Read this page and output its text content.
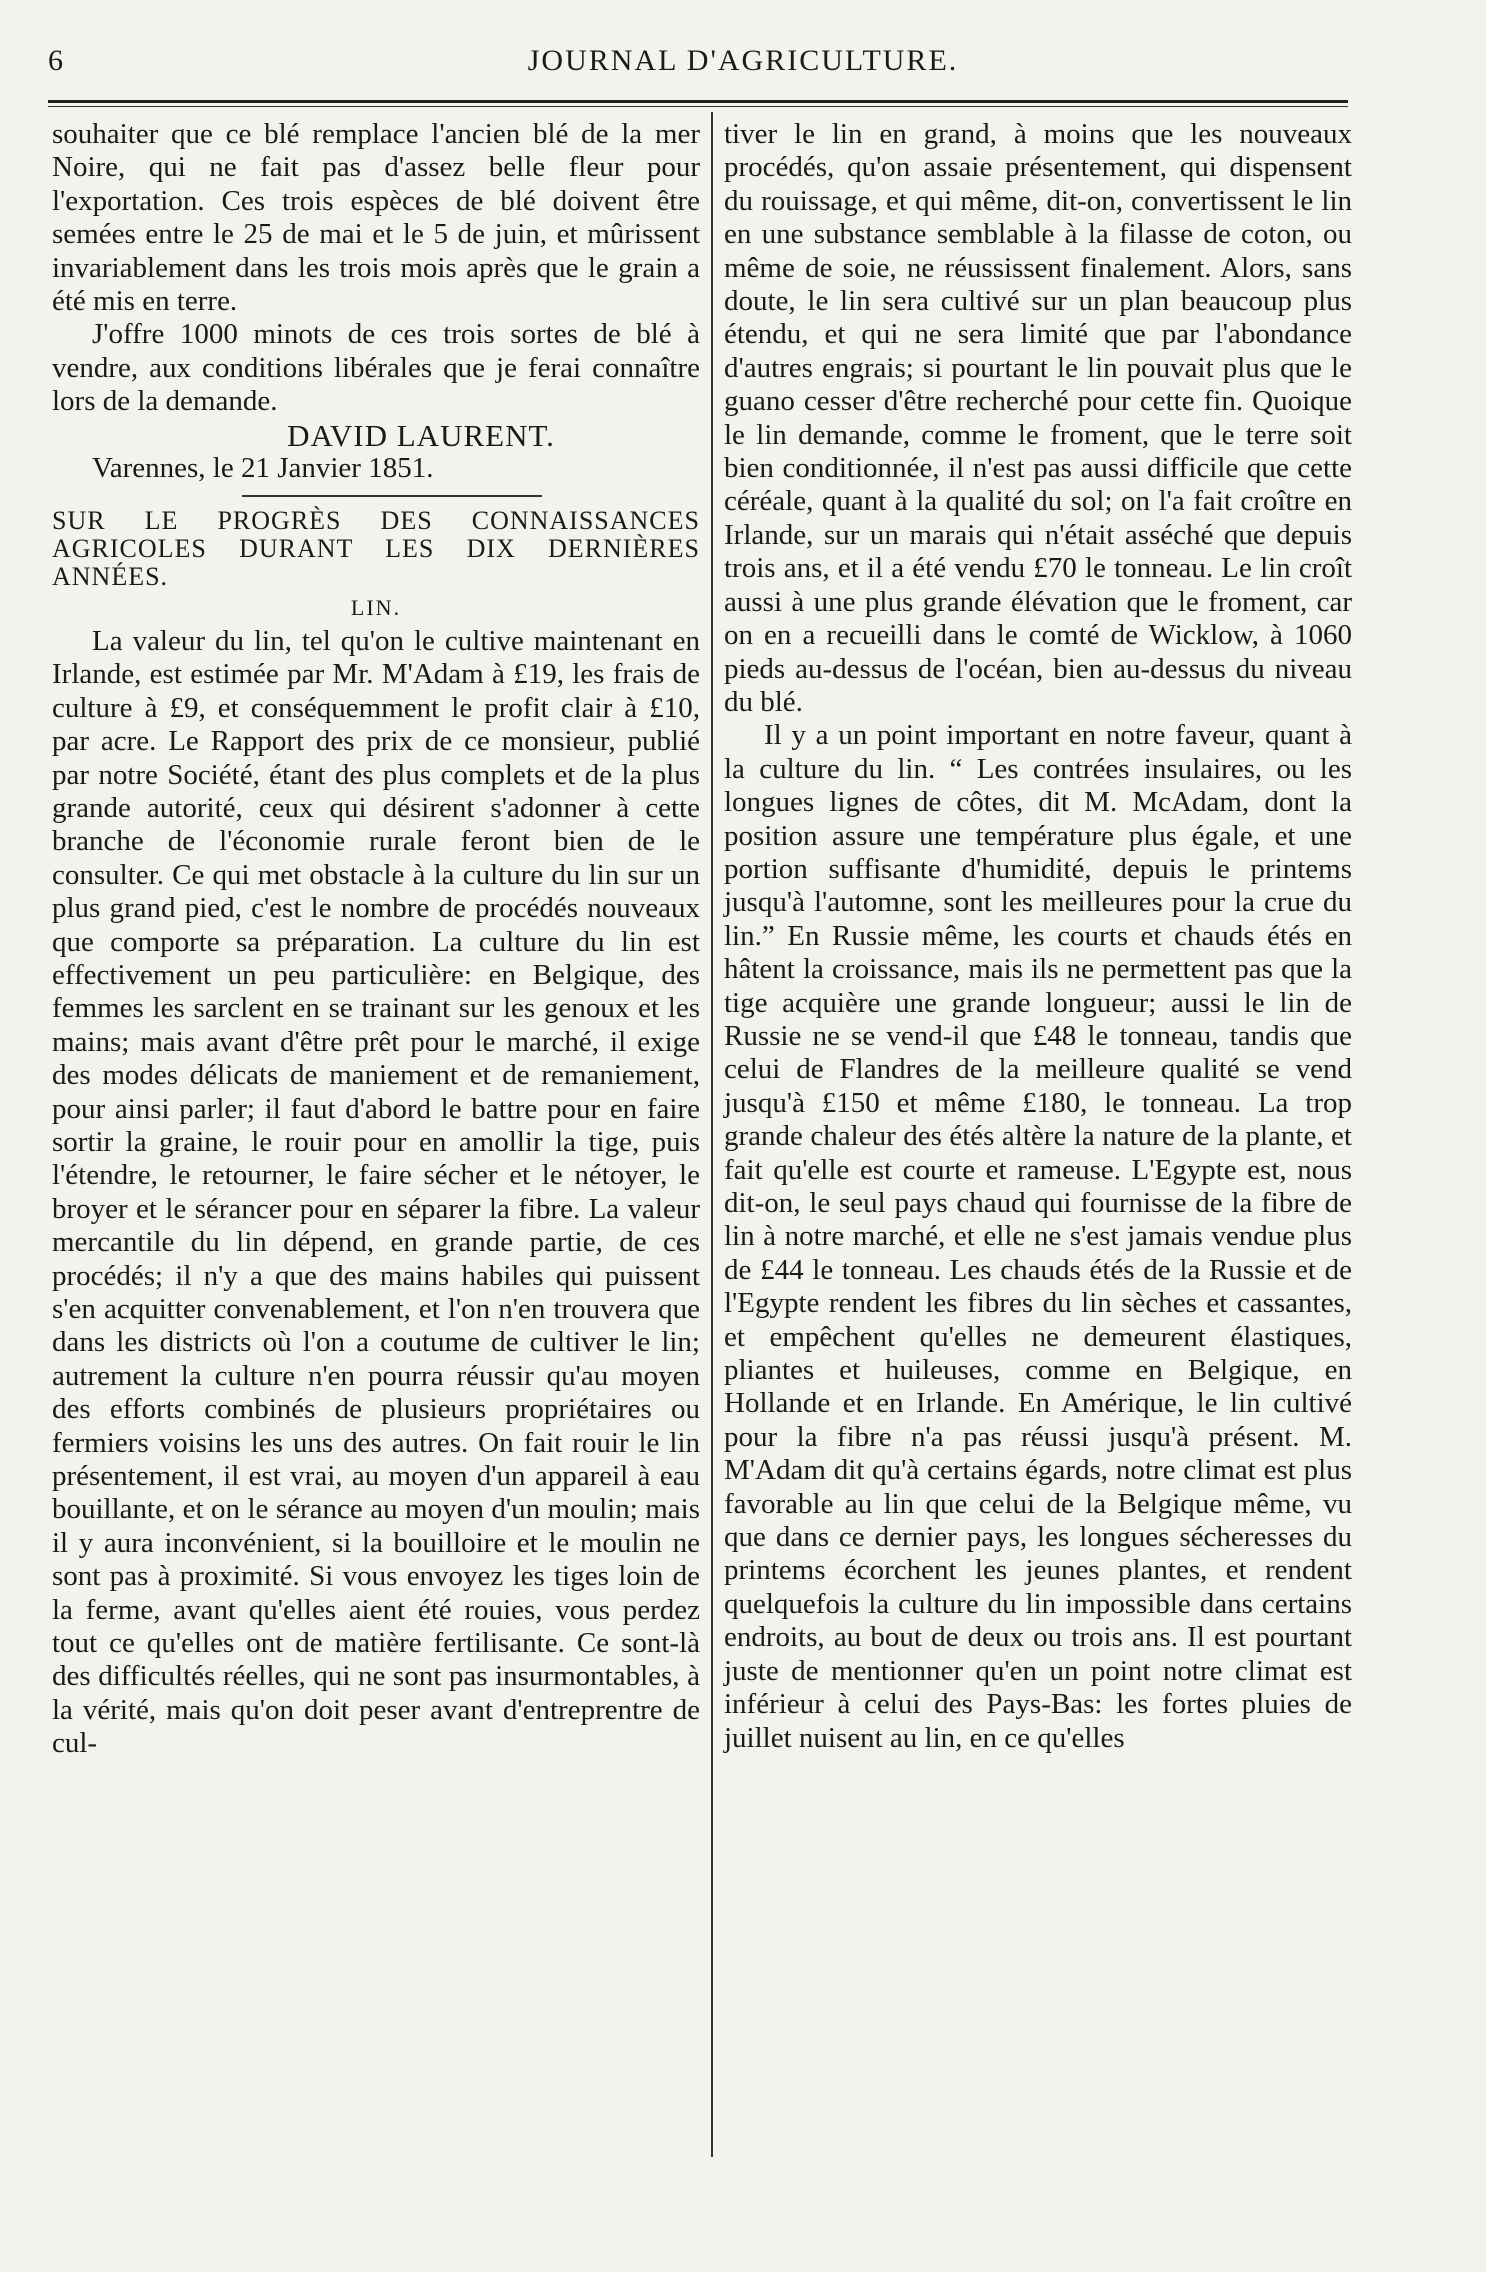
6	JOURNAL D'AGRICULTURE.

souhaiter que ce blé remplace l'ancien blé de la mer Noire, qui ne fait pas d'assez belle fleur pour l'exportation. Ces trois espèces de blé doivent être semées entre le 25 de mai et le 5 de juin, et mûrissent invariablement dans les trois mois après que le grain a été mis en terre.

J'offre 1000 minots de ces trois sortes de blé à vendre, aux conditions libérales que je ferai connaître lors de la demande.

DAVID LAURENT.

Varennes, le 21 Janvier 1851.

SUR LE PROGRÈS DES CONNAISSANCES AGRICOLES DURANT LES DIX DERNIÈRES ANNÉES.

LIN.

La valeur du lin, tel qu'on le cultive maintenant en Irlande, est estimée par Mr. M'Adam à £19, les frais de culture à £9, et conséquemment le profit clair à £10, par acre. Le Rapport des prix de ce monsieur, publié par notre Société, étant des plus complets et de la plus grande autorité, ceux qui désirent s'adonner à cette branche de l'économie rurale feront bien de le consulter. Ce qui met obstacle à la culture du lin sur un plus grand pied, c'est le nombre de procédés nouveaux que comporte sa préparation. La culture du lin est effectivement un peu particulière: en Belgique, des femmes les sarclent en se trainant sur les genoux et les mains; mais avant d'être prêt pour le marché, il exige des modes délicats de maniement et de remaniement, pour ainsi parler; il faut d'abord le battre pour en faire sortir la graine, le rouir pour en amollir la tige, puis l'étendre, le retourner, le faire sécher et le nétoyer, le broyer et le sérancer pour en séparer la fibre. La valeur mercantile du lin dépend, en grande partie, de ces procédés; il n'y a que des mains habiles qui puissent s'en acquitter convenablement, et l'on n'en trouvera que dans les districts où l'on a coutume de cultiver le lin; autrement la culture n'en pourra réussir qu'au moyen des efforts combinés de plusieurs propriétaires ou fermiers voisins les uns des autres. On fait rouir le lin présentement, il est vrai, au moyen d'un appareil à eau bouillante, et on le sérance au moyen d'un moulin; mais il y aura inconvénient, si la bouilloire et le moulin ne sont pas à proximité. Si vous envoyez les tiges loin de la ferme, avant qu'elles aient été rouies, vous perdez tout ce qu'elles ont de matière fertilisante. Ce sont-là des difficultés réelles, qui ne sont pas insurmontables, à la vérité, mais qu'on doit peser avant d'entreprentre de cul-

tiver le lin en grand, à moins que les nouveaux procédés, qu'on assaie présentement, qui dispensent du rouissage, et qui même, dit-on, convertissent le lin en une substance semblable à la filasse de coton, ou même de soie, ne réussissent finalement. Alors, sans doute, le lin sera cultivé sur un plan beaucoup plus étendu, et qui ne sera limité que par l'abondance d'autres engrais; si pourtant le lin pouvait plus que le guano cesser d'être recherché pour cette fin. Quoique le lin demande, comme le froment, que le terre soit bien conditionnée, il n'est pas aussi difficile que cette céréale, quant à la qualité du sol; on l'a fait croître en Irlande, sur un marais qui n'était asséché que depuis trois ans, et il a été vendu £70 le tonneau. Le lin croît aussi à une plus grande élévation que le froment, car on en a recueilli dans le comté de Wicklow, à 1060 pieds au-dessus de l'océan, bien au-dessus du niveau du blé.

Il y a un point important en notre faveur, quant à la culture du lin. “ Les contrées insulaires, ou les longues lignes de côtes, dit M. McAdam, dont la position assure une température plus égale, et une portion suffisante d'humidité, depuis le printems jusqu'à l'automne, sont les meilleures pour la crue du lin.” En Russie même, les courts et chauds étés en hâtent la croissance, mais ils ne permettent pas que la tige acquière une grande longueur; aussi le lin de Russie ne se vend-il que £48 le tonneau, tandis que celui de Flandres de la meilleure qualité se vend jusqu'à £150 et même £180, le tonneau. La trop grande chaleur des étés altère la nature de la plante, et fait qu'elle est courte et rameuse. L'Egypte est, nous dit-on, le seul pays chaud qui fournisse de la fibre de lin à notre marché, et elle ne s'est jamais vendue plus de £44 le tonneau. Les chauds étés de la Russie et de l'Egypte rendent les fibres du lin sèches et cassantes, et empêchent qu'elles ne demeurent élastiques, pliantes et huileuses, comme en Belgique, en Hollande et en Irlande. En Amérique, le lin cultivé pour la fibre n'a pas réussi jusqu'à présent. M. M'Adam dit qu'à certains égards, notre climat est plus favorable au lin que celui de la Belgique même, vu que dans ce dernier pays, les longues sécheresses du printems écorchent les jeunes plantes, et rendent quelquefois la culture du lin impossible dans certains endroits, au bout de deux ou trois ans. Il est pourtant juste de mentionner qu'en un point notre climat est inférieur à celui des Pays-Bas: les fortes pluies de juillet nuisent au lin, en ce qu'elles
